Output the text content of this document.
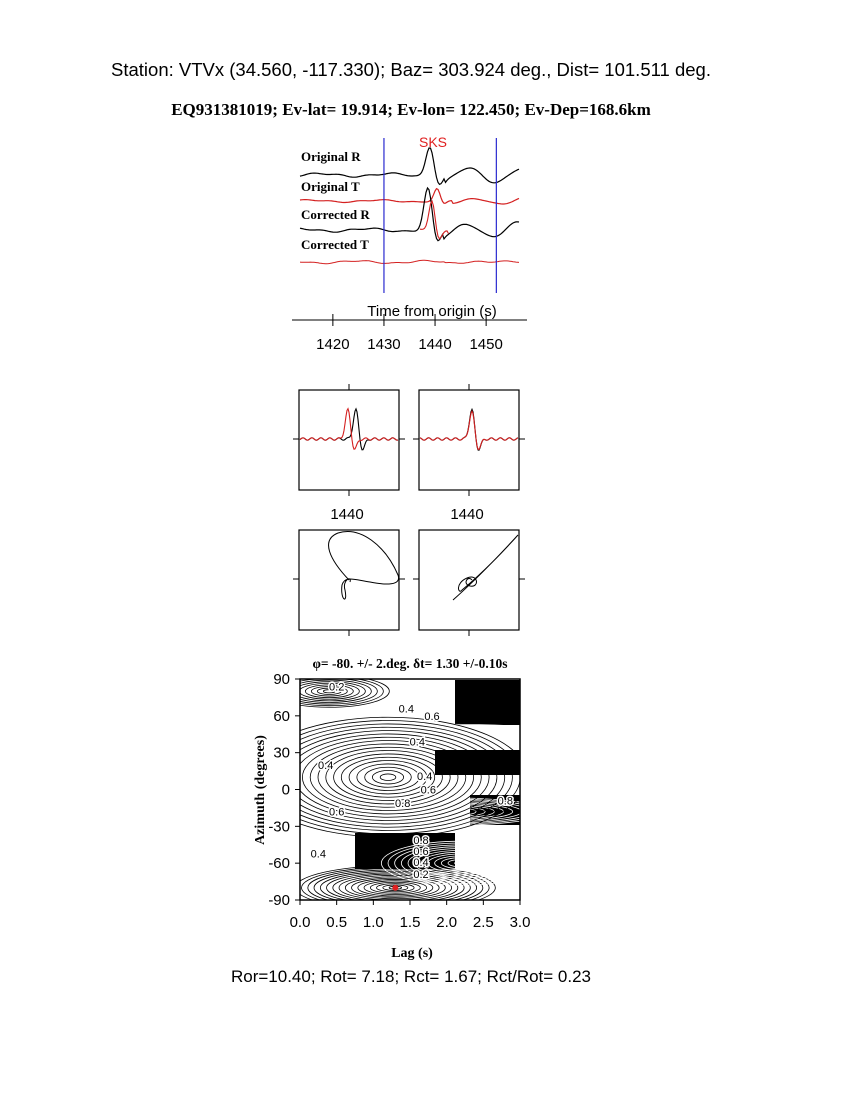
Station: VTVx (34.560, -117.330); Baz= 303.924 deg., Dist= 101.511 deg.
EQ931381019; Ev-lat= 19.914; Ev-lon= 122.450; Ev-Dep=168.6km
SKS
Original R
Original T
Corrected R
Corrected T
Time from origin (s)
1420 1430 1440 1450
1440	1440
φ= -80. +/- 2.deg. δt= 1.30 +/-0.10s
0.4
0.6
0.4
0.4
0.4
0.6
0.8	0.8
0.6
0.4
0.8
0.6
0.4
0.2
0.2
0.0 0.5 1.0 1.5 2.0 2.5 3.0
90
60
30
0
-30
-60
-90
Lag (s)
Azimuth (degrees)
Ror=10.40; Rot= 7.18; Rct= 1.67; Rct/Rot= 0.23
